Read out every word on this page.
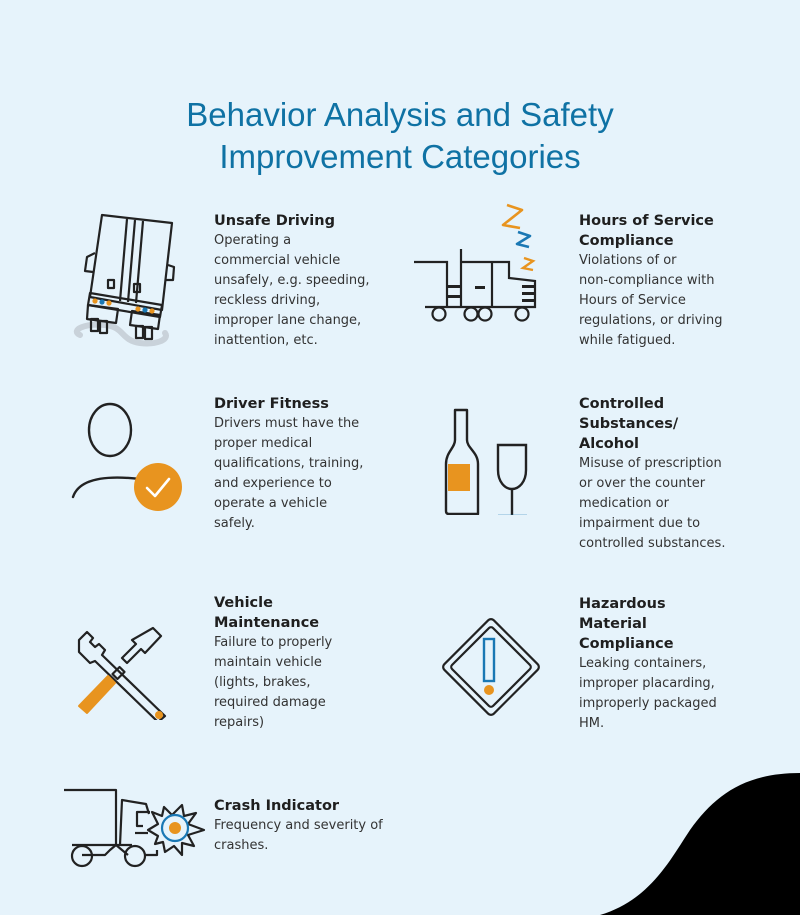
Behavior Analysis and Safety
Improvement Categories
Unsafe Driving

Operating a
commercial vehicle
unsafely, e.g. speeding,
reckless driving,
improper lane change,
inattention, etc.

Hours of Service
Compliance

Violations of or
non-compliance with
Hours of Service
regulations, or driving
while fatigued.

Driver Fitness

Drivers must have the
proper medical
qualifications, training,
and experience to
operate a vehicle
safely.

Controlled
Substances/
Alcohol

Misuse of prescription
or over the counter
medication or
impairment due to
controlled substances.

Vehicle
Maintenance

Failure to properly
maintain vehicle
(lights, brakes,
required damage
repairs)

Hazardous
Material
Compliance

Leaking containers,
improper placarding,
improperly packaged
HM.

Crash Indicator

Frequency and severity of
crashes.
